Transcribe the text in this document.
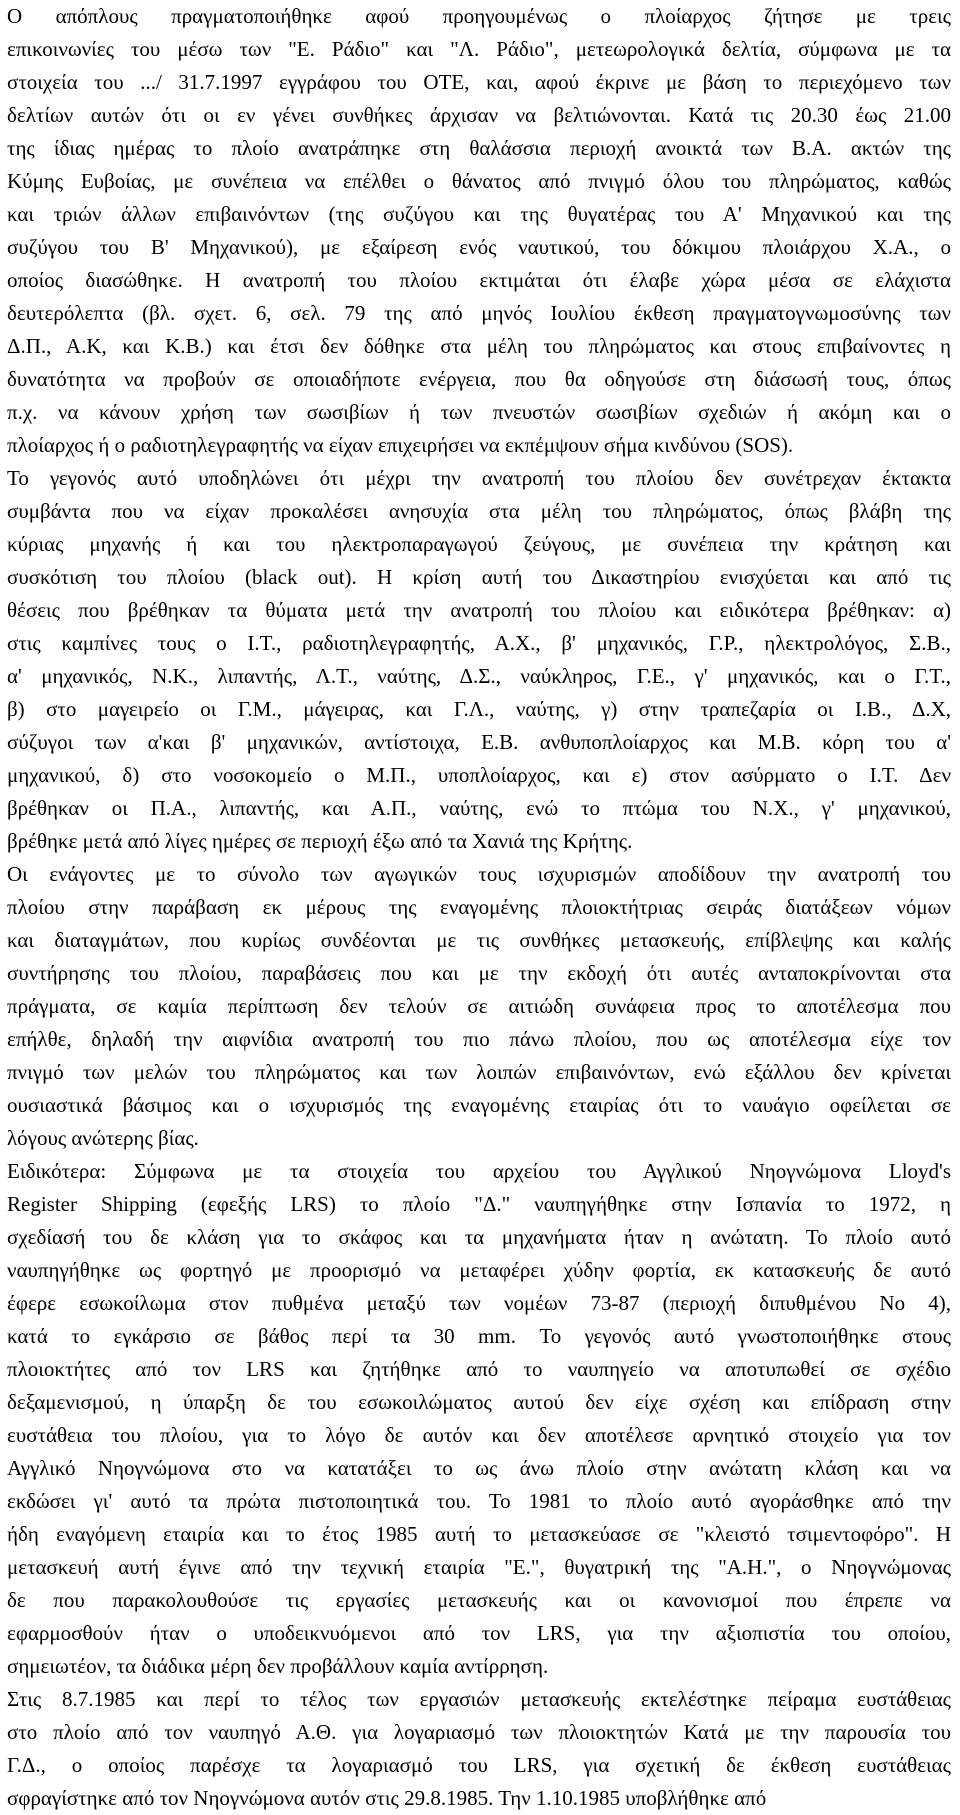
Ο απόπλους πραγματοποιήθηκε αφού προηγουμένως ο πλοίαρχος ζήτησε με τρεις
επικοινωνίες του μέσω των "Ε. Ράδιο" και "Λ. Ράδιο", μετεωρολογικά δελτία, σύμφωνα με τα
στοιχεία του .../ 31.7.1997 εγγράφου του ΟΤΕ, και, αφού έκρινε με βάση το περιεχόμενο των
δελτίων αυτών ότι οι εν γένει συνθήκες άρχισαν να βελτιώνονται. Κατά τις 20.30 έως 21.00
της ίδιας ημέρας το πλοίο ανατράπηκε στη θαλάσσια περιοχή ανοικτά των Β.Α. ακτών της
Κύμης Ευβοίας, με συνέπεια να επέλθει ο θάνατος από πνιγμό όλου του πληρώματος, καθώς
και τριών άλλων επιβαινόντων (της συζύγου και της θυγατέρας του Α' Μηχανικού και της
συζύγου του Β' Μηχανικού), με εξαίρεση ενός ναυτικού, του δόκιμου πλοιάρχου Χ.Α., ο
οποίος διασώθηκε. Η ανατροπή του πλοίου εκτιμάται ότι έλαβε χώρα μέσα σε ελάχιστα
δευτερόλεπτα (βλ. σχετ. 6, σελ. 79 της από μηνός Ιουλίου έκθεση πραγματογνωμοσύνης των
Δ.Π., Α.Κ, και Κ.Β.) και έτσι δεν δόθηκε στα μέλη του πληρώματος και στους επιβαίνοντες η
δυνατότητα να προβούν σε οποιαδήποτε ενέργεια, που θα οδηγούσε στη διάσωσή τους, όπως
π.χ. να κάνουν χρήση των σωσιβίων ή των πνευστών σωσιβίων σχεδιών ή ακόμη και ο
πλοίαρχος ή ο ραδιοτηλεγραφητής να είχαν επιχειρήσει να εκπέμψουν σήμα κινδύνου (SOS).
Το γεγονός αυτό υποδηλώνει ότι μέχρι την ανατροπή του πλοίου δεν συνέτρεχαν έκτακτα
συμβάντα που να είχαν προκαλέσει ανησυχία στα μέλη του πληρώματος, όπως βλάβη της
κύριας μηχανής ή και του ηλεκτροπαραγωγού ζεύγους, με συνέπεια την κράτηση και
συσκότιση του πλοίου (black out). Η κρίση αυτή του Δικαστηρίου ενισχύεται και από τις
θέσεις που βρέθηκαν τα θύματα μετά την ανατροπή του πλοίου και ειδικότερα βρέθηκαν: α)
στις καμπίνες τους ο Ι.Τ., ραδιοτηλεγραφητής, Α.Χ., β' μηχανικός, Γ.Ρ., ηλεκτρολόγος, Σ.Β.,
α' μηχανικός, Ν.Κ., λιπαντής, Λ.Τ., ναύτης, Δ.Σ., ναύκληρος, Γ.Ε., γ' μηχανικός, και ο Γ.Τ.,
β) στο μαγειρείο οι Γ.Μ., μάγειρας, και Γ.Λ., ναύτης, γ) στην τραπεζαρία οι Ι.Β., Δ.Χ,
σύζυγοι των α'και β' μηχανικών, αντίστοιχα, Ε.Β. ανθυποπλοίαρχος και Μ.Β. κόρη του α'
μηχανικού, δ) στο νοσοκομείο ο Μ.Π., υποπλοίαρχος, και ε) στον ασύρματο ο Ι.Τ. Δεν
βρέθηκαν οι Π.Α., λιπαντής, και Α.Π., ναύτης, ενώ το πτώμα του Ν.Χ., γ' μηχανικού,
βρέθηκε μετά από λίγες ημέρες σε περιοχή έξω από τα Χανιά της Κρήτης.
Οι ενάγοντες με το σύνολο των αγωγικών τους ισχυρισμών αποδίδουν την ανατροπή του
πλοίου στην παράβαση εκ μέρους της εναγομένης πλοιοκτήτριας σειράς διατάξεων νόμων
και διαταγμάτων, που κυρίως συνδέονται με τις συνθήκες μετασκευής, επίβλεψης και καλής
συντήρησης του πλοίου, παραβάσεις που και με την εκδοχή ότι αυτές ανταποκρίνονται στα
πράγματα, σε καμία περίπτωση δεν τελούν σε αιτιώδη συνάφεια προς το αποτέλεσμα που
επήλθε, δηλαδή την αιφνίδια ανατροπή του πιο πάνω πλοίου, που ως αποτέλεσμα είχε τον
πνιγμό των μελών του πληρώματος και των λοιπών επιβαινόντων, ενώ εξάλλου δεν κρίνεται
ουσιαστικά βάσιμος και ο ισχυρισμός της εναγομένης εταιρίας ότι το ναυάγιο οφείλεται σε
λόγους ανώτερης βίας.
Ειδικότερα: Σύμφωνα με τα στοιχεία του αρχείου του Αγγλικού Νηογνώμονα Lloyd's
Register Shipping (εφεξής LRS) το πλοίο "Δ." ναυπηγήθηκε στην Ισπανία το 1972, η
σχεδίασή του δε κλάση για το σκάφος και τα μηχανήματα ήταν η ανώτατη. Το πλοίο αυτό
ναυπηγήθηκε ως φορτηγό με προορισμό να μεταφέρει χύδην φορτία, εκ κατασκευής δε αυτό
έφερε εσωκοίλωμα στον πυθμένα μεταξύ των νομέων 73-87 (περιοχή διπυθμένου Νο 4),
κατά το εγκάρσιο σε βάθος περί τα 30 mm. Το γεγονός αυτό γνωστοποιήθηκε στους
πλοιοκτήτες από τον LRS και ζητήθηκε από το ναυπηγείο να αποτυπωθεί σε σχέδιο
δεξαμενισμού, η ύπαρξη δε του εσωκοιλώματος αυτού δεν είχε σχέση και επίδραση στην
ευστάθεια του πλοίου, για το λόγο δε αυτόν και δεν αποτέλεσε αρνητικό στοιχείο για τον
Αγγλικό Νηογνώμονα στο να κατατάξει το ως άνω πλοίο στην ανώτατη κλάση και να
εκδώσει γι' αυτό τα πρώτα πιστοποιητικά του. Το 1981 το πλοίο αυτό αγοράσθηκε από την
ήδη εναγόμενη εταιρία και το έτος 1985 αυτή το μετασκεύασε σε "κλειστό τσιμεντοφόρο". Η
μετασκευή αυτή έγινε από την τεχνική εταιρία "Ε.", θυγατρική της "Α.Η.", ο Νηογνώμονας
δε που παρακολουθούσε τις εργασίες μετασκευής και οι κανονισμοί που έπρεπε να
εφαρμοσθούν ήταν ο υποδεικνυόμενοι από τον LRS, για την αξιοπιστία του οποίου,
σημειωτέον, τα διάδικα μέρη δεν προβάλλουν καμία αντίρρηση.
Στις 8.7.1985 και περί το τέλος των εργασιών μετασκευής εκτελέστηκε πείραμα ευστάθειας
στο πλοίο από τον ναυπηγό Α.Θ. για λογαριασμό των πλοιοκτητών Κατά με την παρουσία του
Γ.Δ., ο οποίος παρέσχε τα λογαριασμό του LRS, για σχετική δε έκθεση ευστάθειας
σφραγίστηκε από τον Νηογνώμονα αυτόν στις 29.8.1985. Την 1.10.1985 υποβλήθηκε από
